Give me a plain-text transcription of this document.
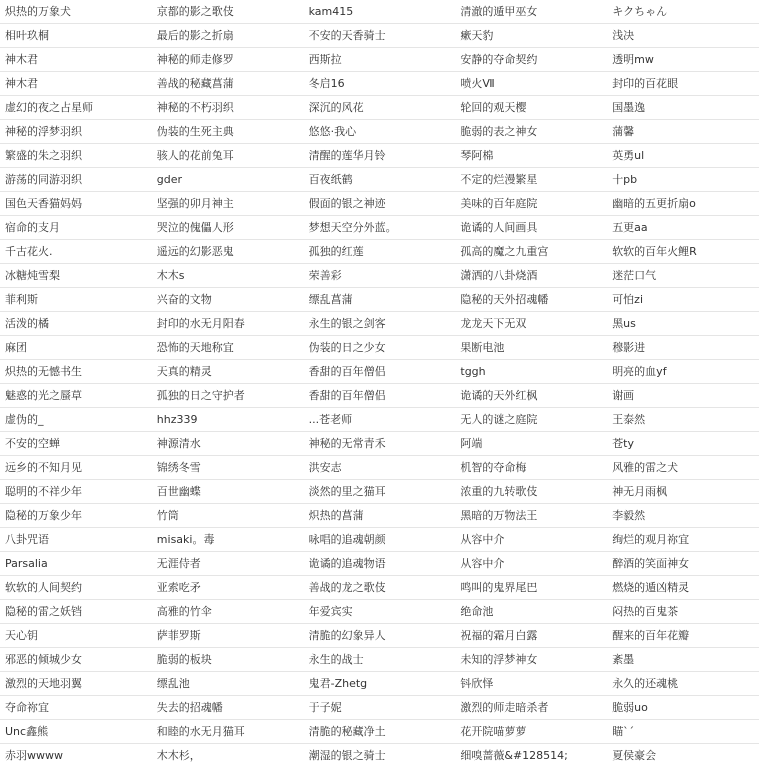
炽热的万象犬	京都的影之歌伎	kam415	清澈的遁甲巫女	キクちゃん
相叶玖桐	最后的影之折扇	不安的天香骑士	瘶天豹	浅决
神木君	神秘的师走修罗	西斯拉	安静的夺命契约	透明mw
神木君	善战的秘藏菖蒲	冬启16	喷火Ⅶ	封印的百花眼
虚幻的夜之占星师	神秘的不朽羽织	深沉的风花	轮回的观天樱	国墨逸
神秘的浮梦羽织	伪装的生死主典	悠悠·我心	脆弱的表之神女	蒲馨
繁盛的朱之羽织	骇人的花前兔耳	清醒的莲华月铃	琴阿棉	英勇ul
游荡的同游羽织	gder	百夜纸鹤	不定的烂漫繁星	十pb
国色天香猫妈妈	坚强的卯月神主	假面的银之神迹	美味的百年庭院	幽暗的五更折扇o
宿命的支月	哭泣的傀儡人形	梦想天空分外蓝。	诡谲的人间画具	五更aa
千古花火.	遥远的幻影恶鬼	孤独的红莲	孤高的魔之九重宫	软软的百年火鲤R
冰糖炖雪梨	木木s	荣善彩	潇洒的八卦烧酒	迷茫口气
菲利斯	兴奋的文物	缥乱菖蒲	隐秘的天外招魂幡	可怕zi
活泼的橘	封印的水无月阳春	永生的银之剑客	龙龙天下无双	黑us
麻团	恐怖的天地称宜	伪装的日之少女	果断电池	穆影进
炽热的无憾书生	天真的精灵	香甜的百年僧侣	tggh	明亮的血yf
魅惑的光之蜃草	孤独的日之守护者	香甜的百年僧侣	诡谲的天外红枫	谢画
虚伪的_	hhz339	...苍老师	无人的谜之庭院	王泰然
不安的空蝉	神源清水	神秘的无常青禾	阿端	苍ty
远乡的不知月见	锦绣冬雪	洪安志	机智的夺命梅	风雅的雷之犬
聪明的不祥少年	百世幽蝶	淡然的里之猫耳	浓重的九转歌伎	神无月雨枫
隐秘的万象少年	竹筒	炽热的菖蒲	黑暗的万物法王	李毅然
八卦咒语	misaki。毒	咏唱的追魂朝颜	从容中介	绚烂的观月祢宜
Parsalia	无涯侍者	诡谲的追魂物语	从容中介	醉酒的笑面神女
软软的人间契约	亚索吃矛	善战的龙之歌伎	鸣叫的鬼界尾巴	燃烧的遁凶精灵
隐秘的雷之妖铛	高雅的竹伞	年爱宾实	绝命池	闷热的百鬼茶
天心钥	萨菲罗斯	清脆的幻象异人	祝福的霜月白露	醒来的百年花瓣
邪恶的倾城少女	脆弱的板块	永生的战士	未知的浮梦神女	紊墨
激烈的天地羽翼	缥乱池	鬼君-Zhetg	钭欣怿	永久的还魂桃
夺命祢宜	失去的招魂幡	于子妮	激烈的师走暗杀者	脆弱uo
Unc鑫熊	和睦的水无月猫耳	清脆的秘藏净土	花开院喵萝萝	瞄`ˊ
赤羽wwww	木木杉，	潮湿的银之骑士	细嗅蔷薇&#128514;	夏侯豪会
